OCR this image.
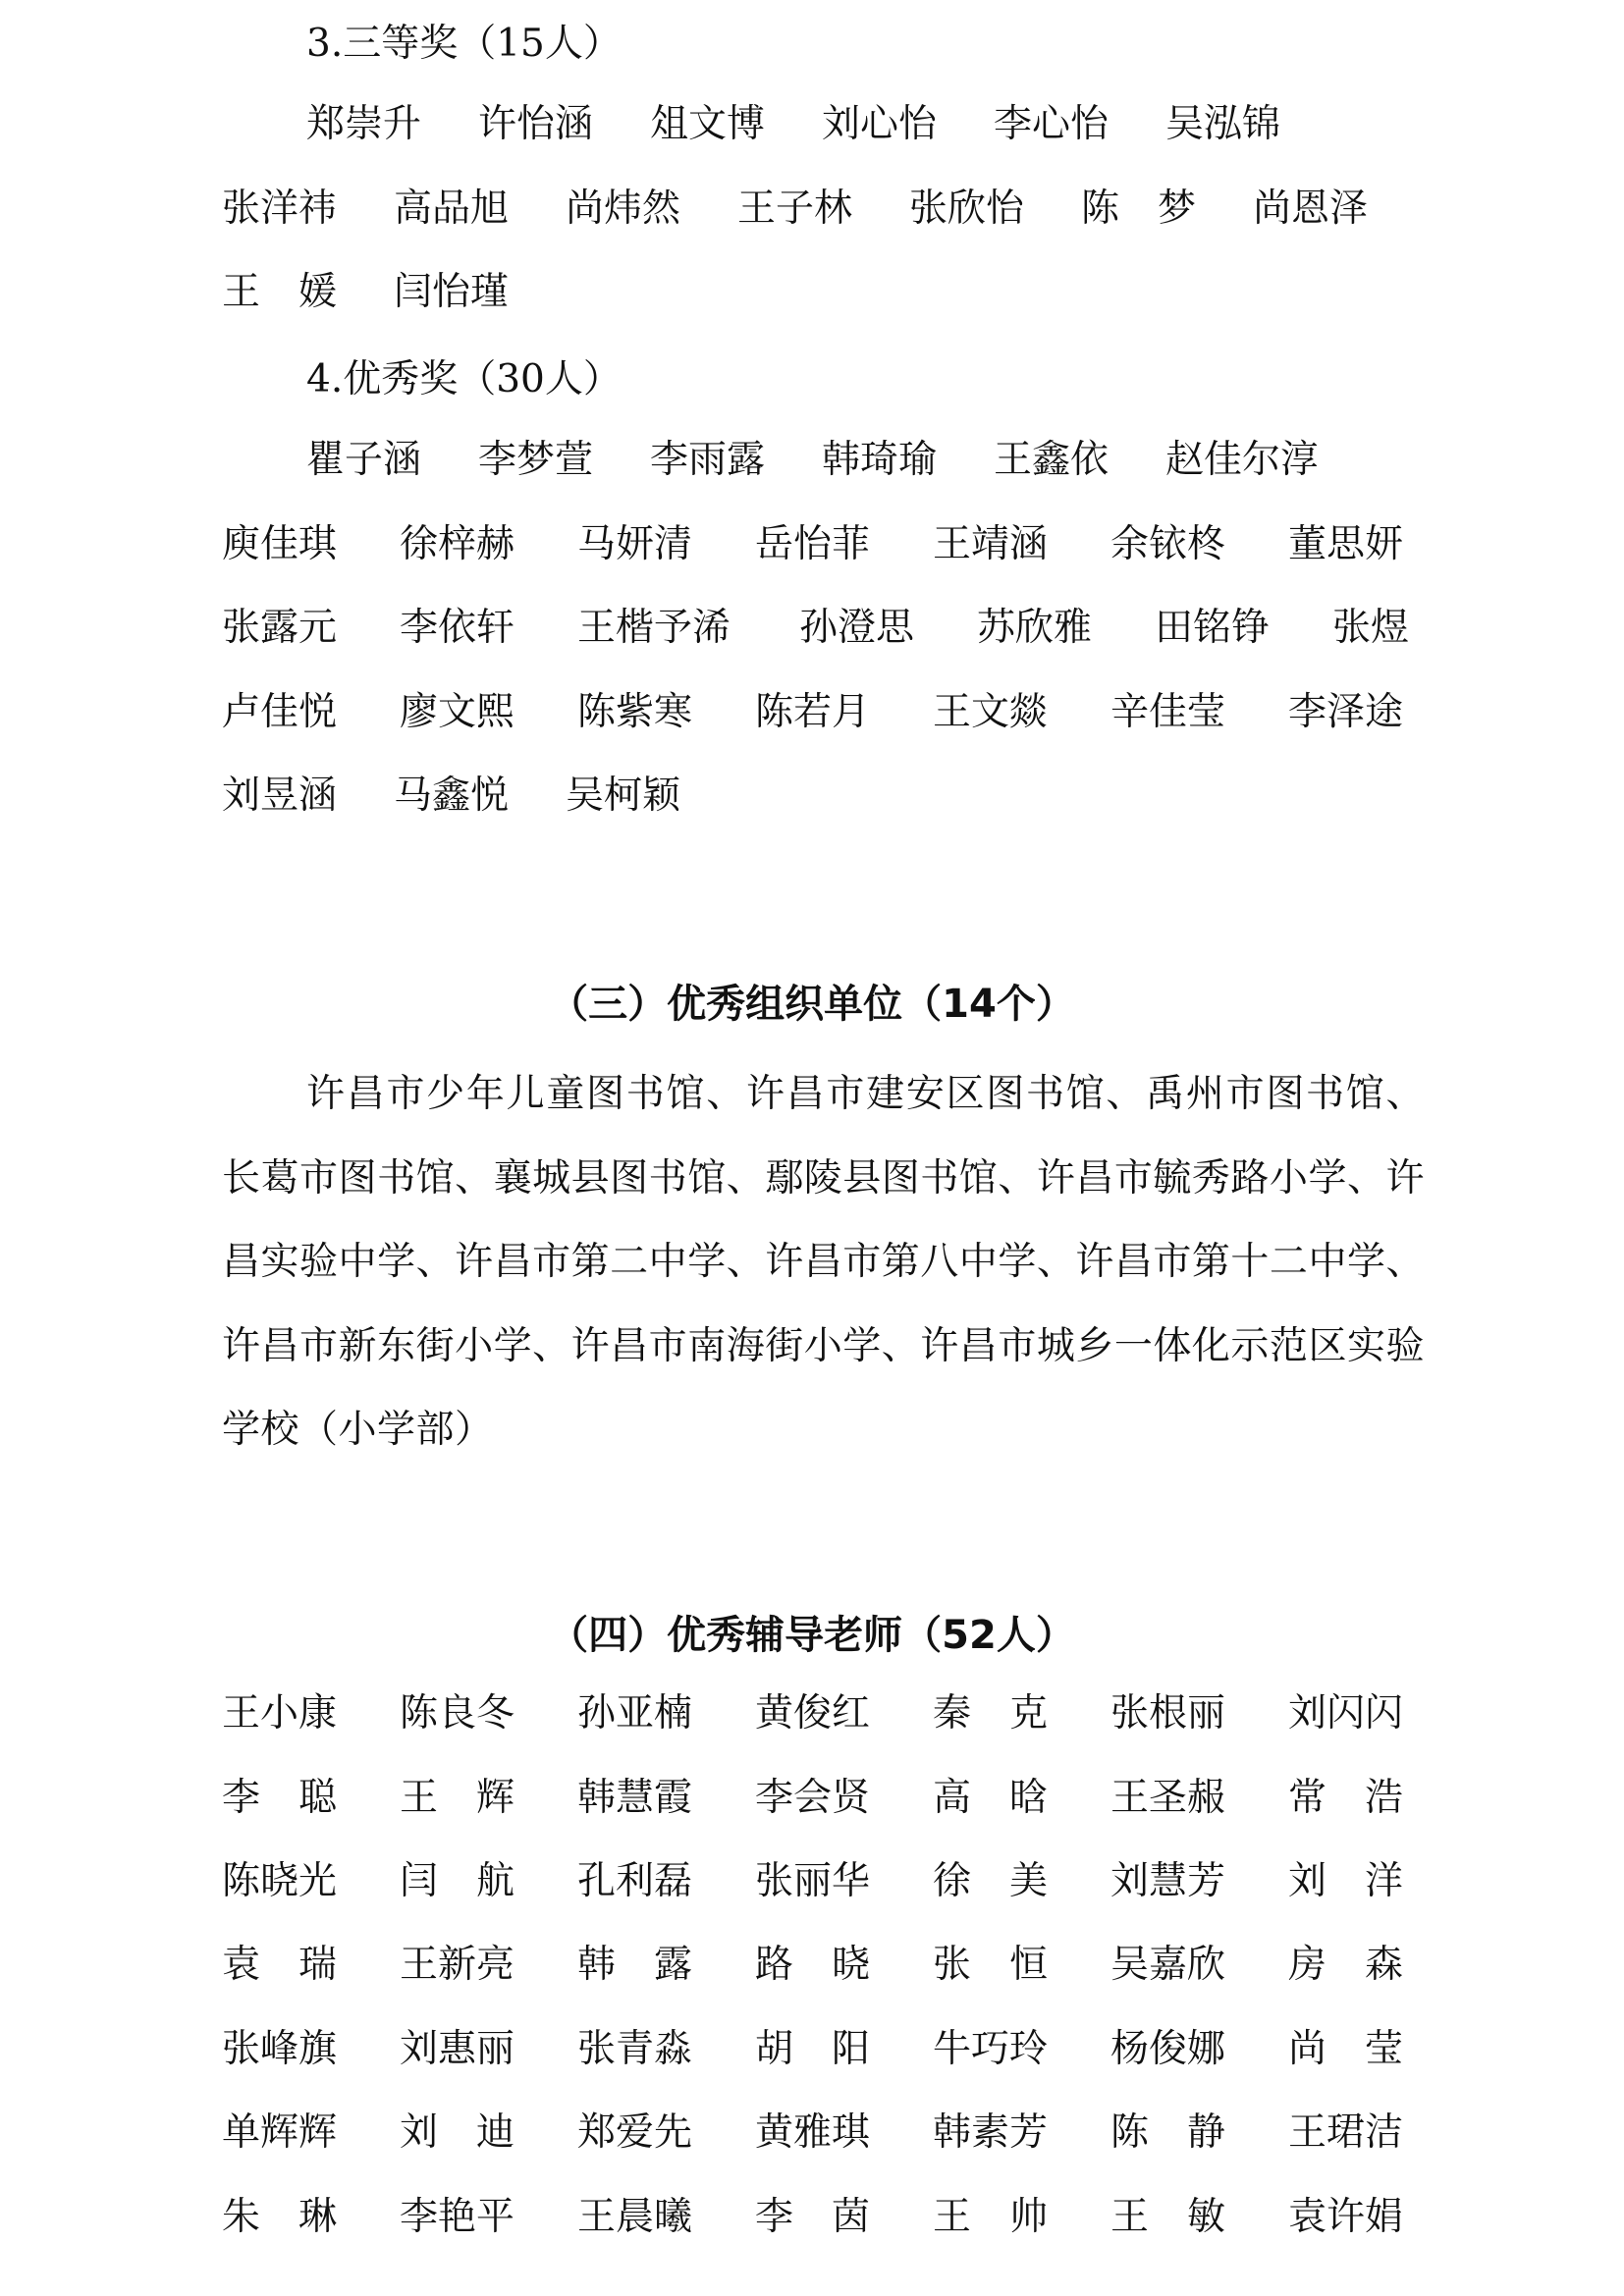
3.三等奖（15人）
郑崇升 许怡涵 俎文博 刘心怡 李心怡 吴泓锦
张洋祎 高品旭 尚炜然 王子林 张欣怡 陈　梦 尚恩泽
王　媛 闫怡瑾
4.优秀奖（30人）
瞿子涵 李梦萱 李雨露 韩琦瑜 王鑫依 赵佳尔淳
庾佳琪 徐梓赫 马妍清 岳怡菲 王靖涵 余铱柊 董思妍
张露元 李依轩 王楷予浠 孙澄思 苏欣雅 田铭铮 张煜
卢佳悦 廖文熙 陈紫寒 陈若月 王文燚 辛佳莹 李泽途
刘昱涵 马鑫悦 吴柯颖
（三）优秀组织单位（14个）
许昌市少年儿童图书馆、许昌市建安区图书馆、禹州市图书馆、长葛市图书馆、襄城县图书馆、鄢陵县图书馆、许昌市毓秀路小学、许昌实验中学、许昌市第二中学、许昌市第八中学、许昌市第十二中学、许昌市新东街小学、许昌市南海街小学、许昌市城乡一体化示范区实验学校（小学部）
（四）优秀辅导老师（52人）
王小康 陈良冬 孙亚楠 黄俊红 秦　克 张根丽 刘闪闪
李　聪 王　辉 韩慧霞 李会贤 高　晗 王圣赧 常　浩
陈晓光 闫　航 孔利磊 张丽华 徐　美 刘慧芳 刘　洋
袁　瑞 王新亮 韩　露 路　晓 张　恒 吴嘉欣 房　森
张峰旗 刘惠丽 张青淼 胡　阳 牛巧玲 杨俊娜 尚　莹
单辉辉 刘　迪 郑爱先 黄雅琪 韩素芳 陈　静 王珺洁
朱　琳 李艳平 王晨曦 李　茵 王　帅 王　敏 袁许娟
